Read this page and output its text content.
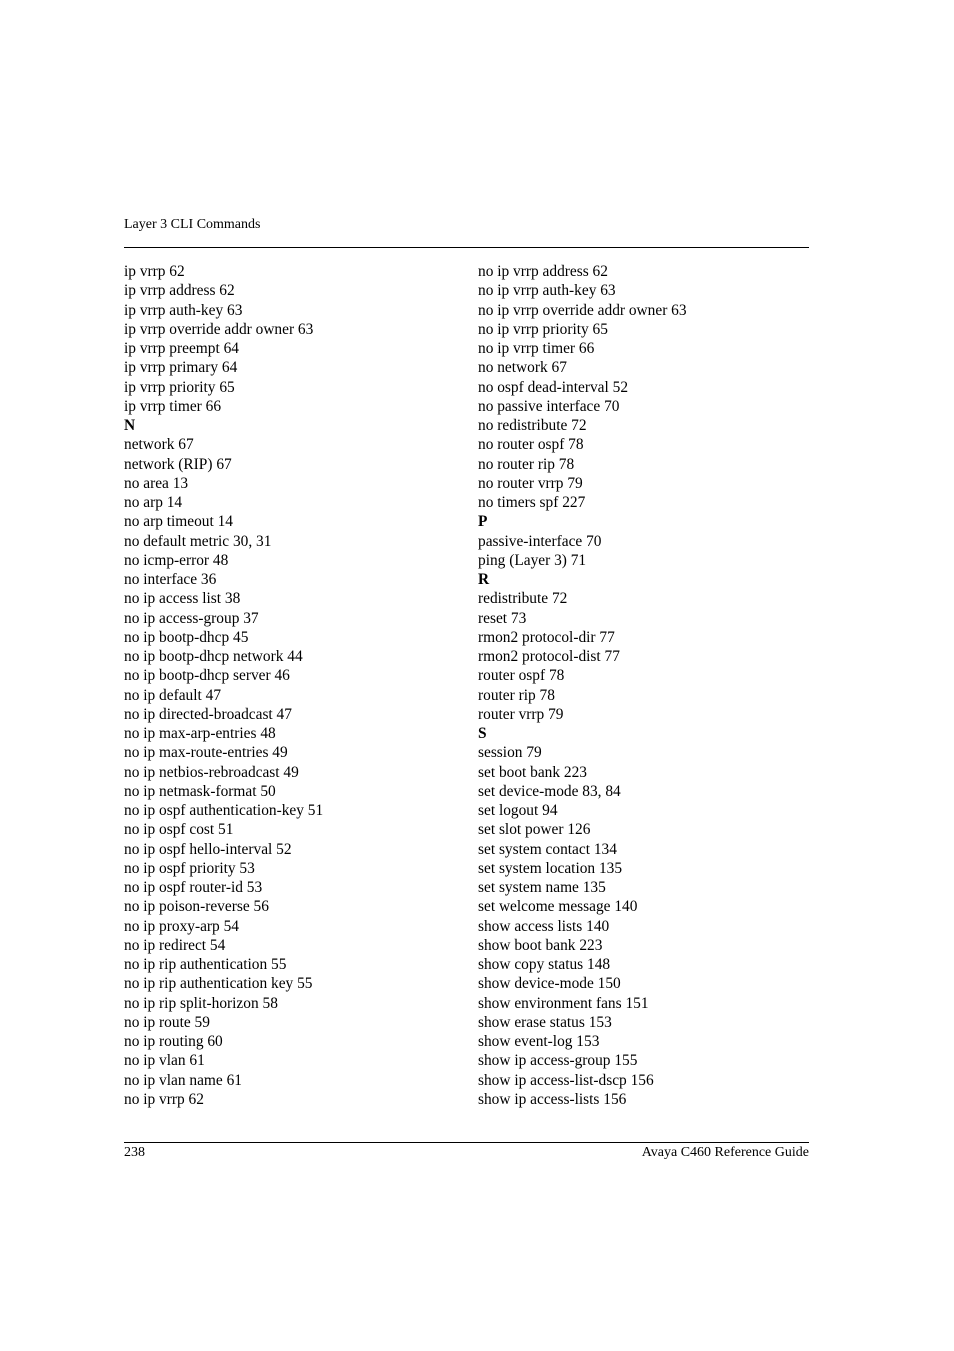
Layer 3 CLI Commands
ip vrrp 62
ip vrrp address 62
ip vrrp auth-key 63
ip vrrp override addr owner 63
ip vrrp preempt 64
ip vrrp primary 64
ip vrrp priority 65
ip vrrp timer 66
N
network 67
network (RIP) 67
no area 13
no arp 14
no arp timeout 14
no default metric 30, 31
no icmp-error 48
no interface 36
no ip access list 38
no ip access-group 37
no ip bootp-dhcp 45
no ip bootp-dhcp network 44
no ip bootp-dhcp server 46
no ip default 47
no ip directed-broadcast 47
no ip max-arp-entries 48
no ip max-route-entries 49
no ip netbios-rebroadcast 49
no ip netmask-format 50
no ip ospf authentication-key 51
no ip ospf cost 51
no ip ospf hello-interval 52
no ip ospf priority 53
no ip ospf router-id 53
no ip poison-reverse 56
no ip proxy-arp 54
no ip redirect 54
no ip rip authentication 55
no ip rip authentication key 55
no ip rip split-horizon 58
no ip route 59
no ip routing 60
no ip vlan 61
no ip vlan name 61
no ip vrrp 62
no ip vrrp address 62
no ip vrrp auth-key 63
no ip vrrp override addr owner 63
no ip vrrp priority 65
no ip vrrp timer 66
no network 67
no ospf dead-interval 52
no passive interface 70
no redistribute 72
no router ospf 78
no router rip 78
no router vrrp 79
no timers spf 227
P
passive-interface 70
ping (Layer 3) 71
R
redistribute 72
reset 73
rmon2 protocol-dir 77
rmon2 protocol-dist 77
router ospf 78
router rip 78
router vrrp 79
S
session 79
set boot bank 223
set device-mode 83, 84
set logout 94
set slot power 126
set system contact 134
set system location 135
set system name 135
set welcome message 140
show access lists 140
show boot bank 223
show copy status 148
show device-mode 150
show environment fans 151
show erase status 153
show event-log 153
show ip access-group 155
show ip access-list-dscp 156
show ip access-lists 156
238	Avaya C460 Reference Guide
